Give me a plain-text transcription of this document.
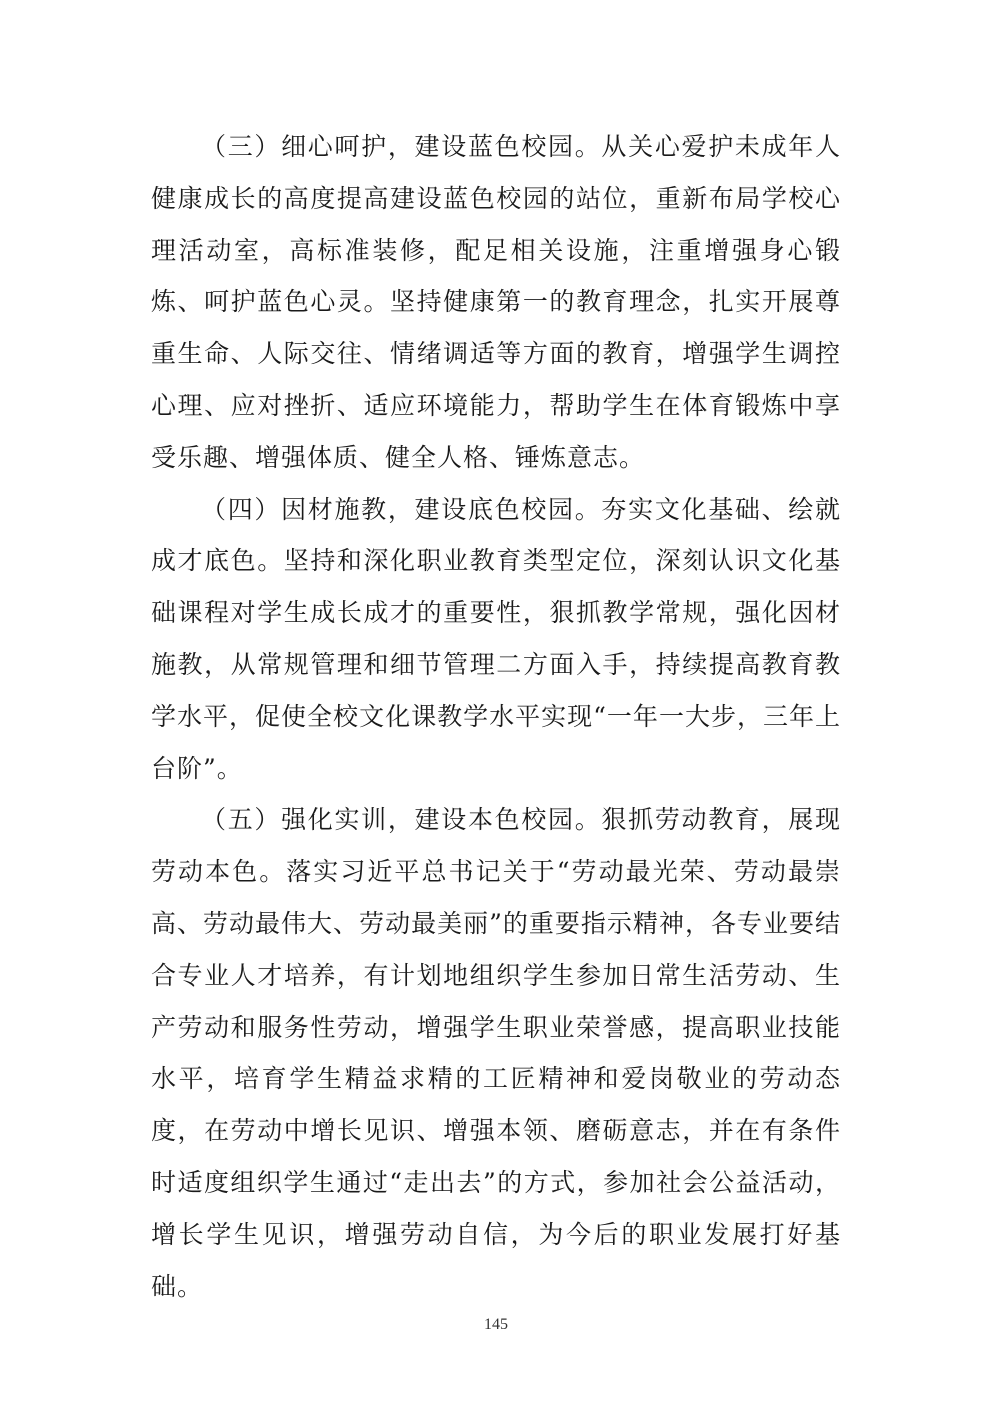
（三）细心呵护，建设蓝色校园。从关心爱护未成年人健康成长的高度提高建设蓝色校园的站位，重新布局学校心理活动室，高标准装修，配足相关设施，注重增强身心锻炼、呵护蓝色心灵。坚持健康第一的教育理念，扎实开展尊重生命、人际交往、情绪调适等方面的教育，增强学生调控心理、应对挫折、适应环境能力，帮助学生在体育锻炼中享受乐趣、增强体质、健全人格、锤炼意志。

（四）因材施教，建设底色校园。夯实文化基础、绘就成才底色。坚持和深化职业教育类型定位，深刻认识文化基础课程对学生成长成才的重要性，狠抓教学常规，强化因材施教，从常规管理和细节管理二方面入手，持续提高教育教学水平，促使全校文化课教学水平实现“一年一大步，三年上台阶”。

（五）强化实训，建设本色校园。狠抓劳动教育，展现劳动本色。落实习近平总书记关于“劳动最光荣、劳动最崇高、劳动最伟大、劳动最美丽”的重要指示精神，各专业要结合专业人才培养，有计划地组织学生参加日常生活劳动、生产劳动和服务性劳动，增强学生职业荣誉感，提高职业技能水平，培育学生精益求精的工匠精神和爱岗敬业的劳动态度，在劳动中增长见识、增强本领、磨砺意志，并在有条件时适度组织学生通过“走出去”的方式，参加社会公益活动，增长学生见识，增强劳动自信，为今后的职业发展打好基础。

145
